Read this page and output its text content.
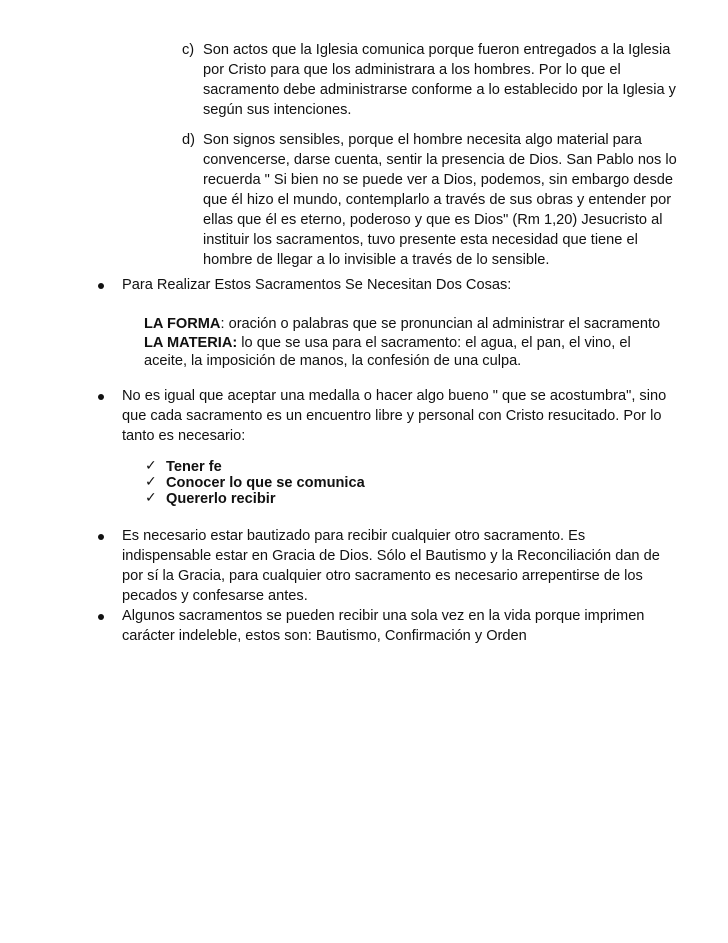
c) Son actos que la Iglesia comunica porque fueron entregados a la Iglesia
por Cristo para que los administrara a los hombres. Por lo que el
sacramento debe administrarse conforme a lo establecido por la Iglesia y
según sus intenciones.
d) Son signos sensibles, porque el hombre necesita algo material para
convencerse, darse cuenta, sentir la presencia de Dios. San Pablo nos lo
recuerda " Si bien no se puede ver a Dios, podemos, sin embargo desde
que él hizo el mundo, contemplarlo a través de sus obras y entender por
ellas que él es eterno, poderoso y que es Dios" (Rm 1,20) Jesucristo al
instituir los sacramentos, tuvo presente esta necesidad que tiene el
hombre de llegar a lo invisible a través de lo sensible.
Para Realizar Estos Sacramentos Se Necesitan Dos Cosas:
LA FORMA: oración o palabras que se pronuncian al administrar el sacramento
LA MATERIA: lo que se usa para el sacramento: el agua, el pan, el vino, el
aceite, la imposición de manos, la confesión de una culpa.
No es igual que aceptar una medalla o hacer algo bueno " que se acostumbra", sino
que cada sacramento es un encuentro libre y personal con Cristo resucitado. Por lo
tanto es necesario:
✓ Tener fe
✓ Conocer lo que se comunica
✓ Quererlo recibir
Es necesario estar bautizado para recibir cualquier otro sacramento. Es
indispensable estar en Gracia de Dios. Sólo el Bautismo y la Reconciliación dan de
por sí la Gracia, para cualquier otro sacramento es necesario arrepentirse de los
pecados y confesarse antes.
Algunos sacramentos se pueden recibir una sola vez en la vida porque imprimen
carácter indeleble, estos son: Bautismo, Confirmación y Orden
